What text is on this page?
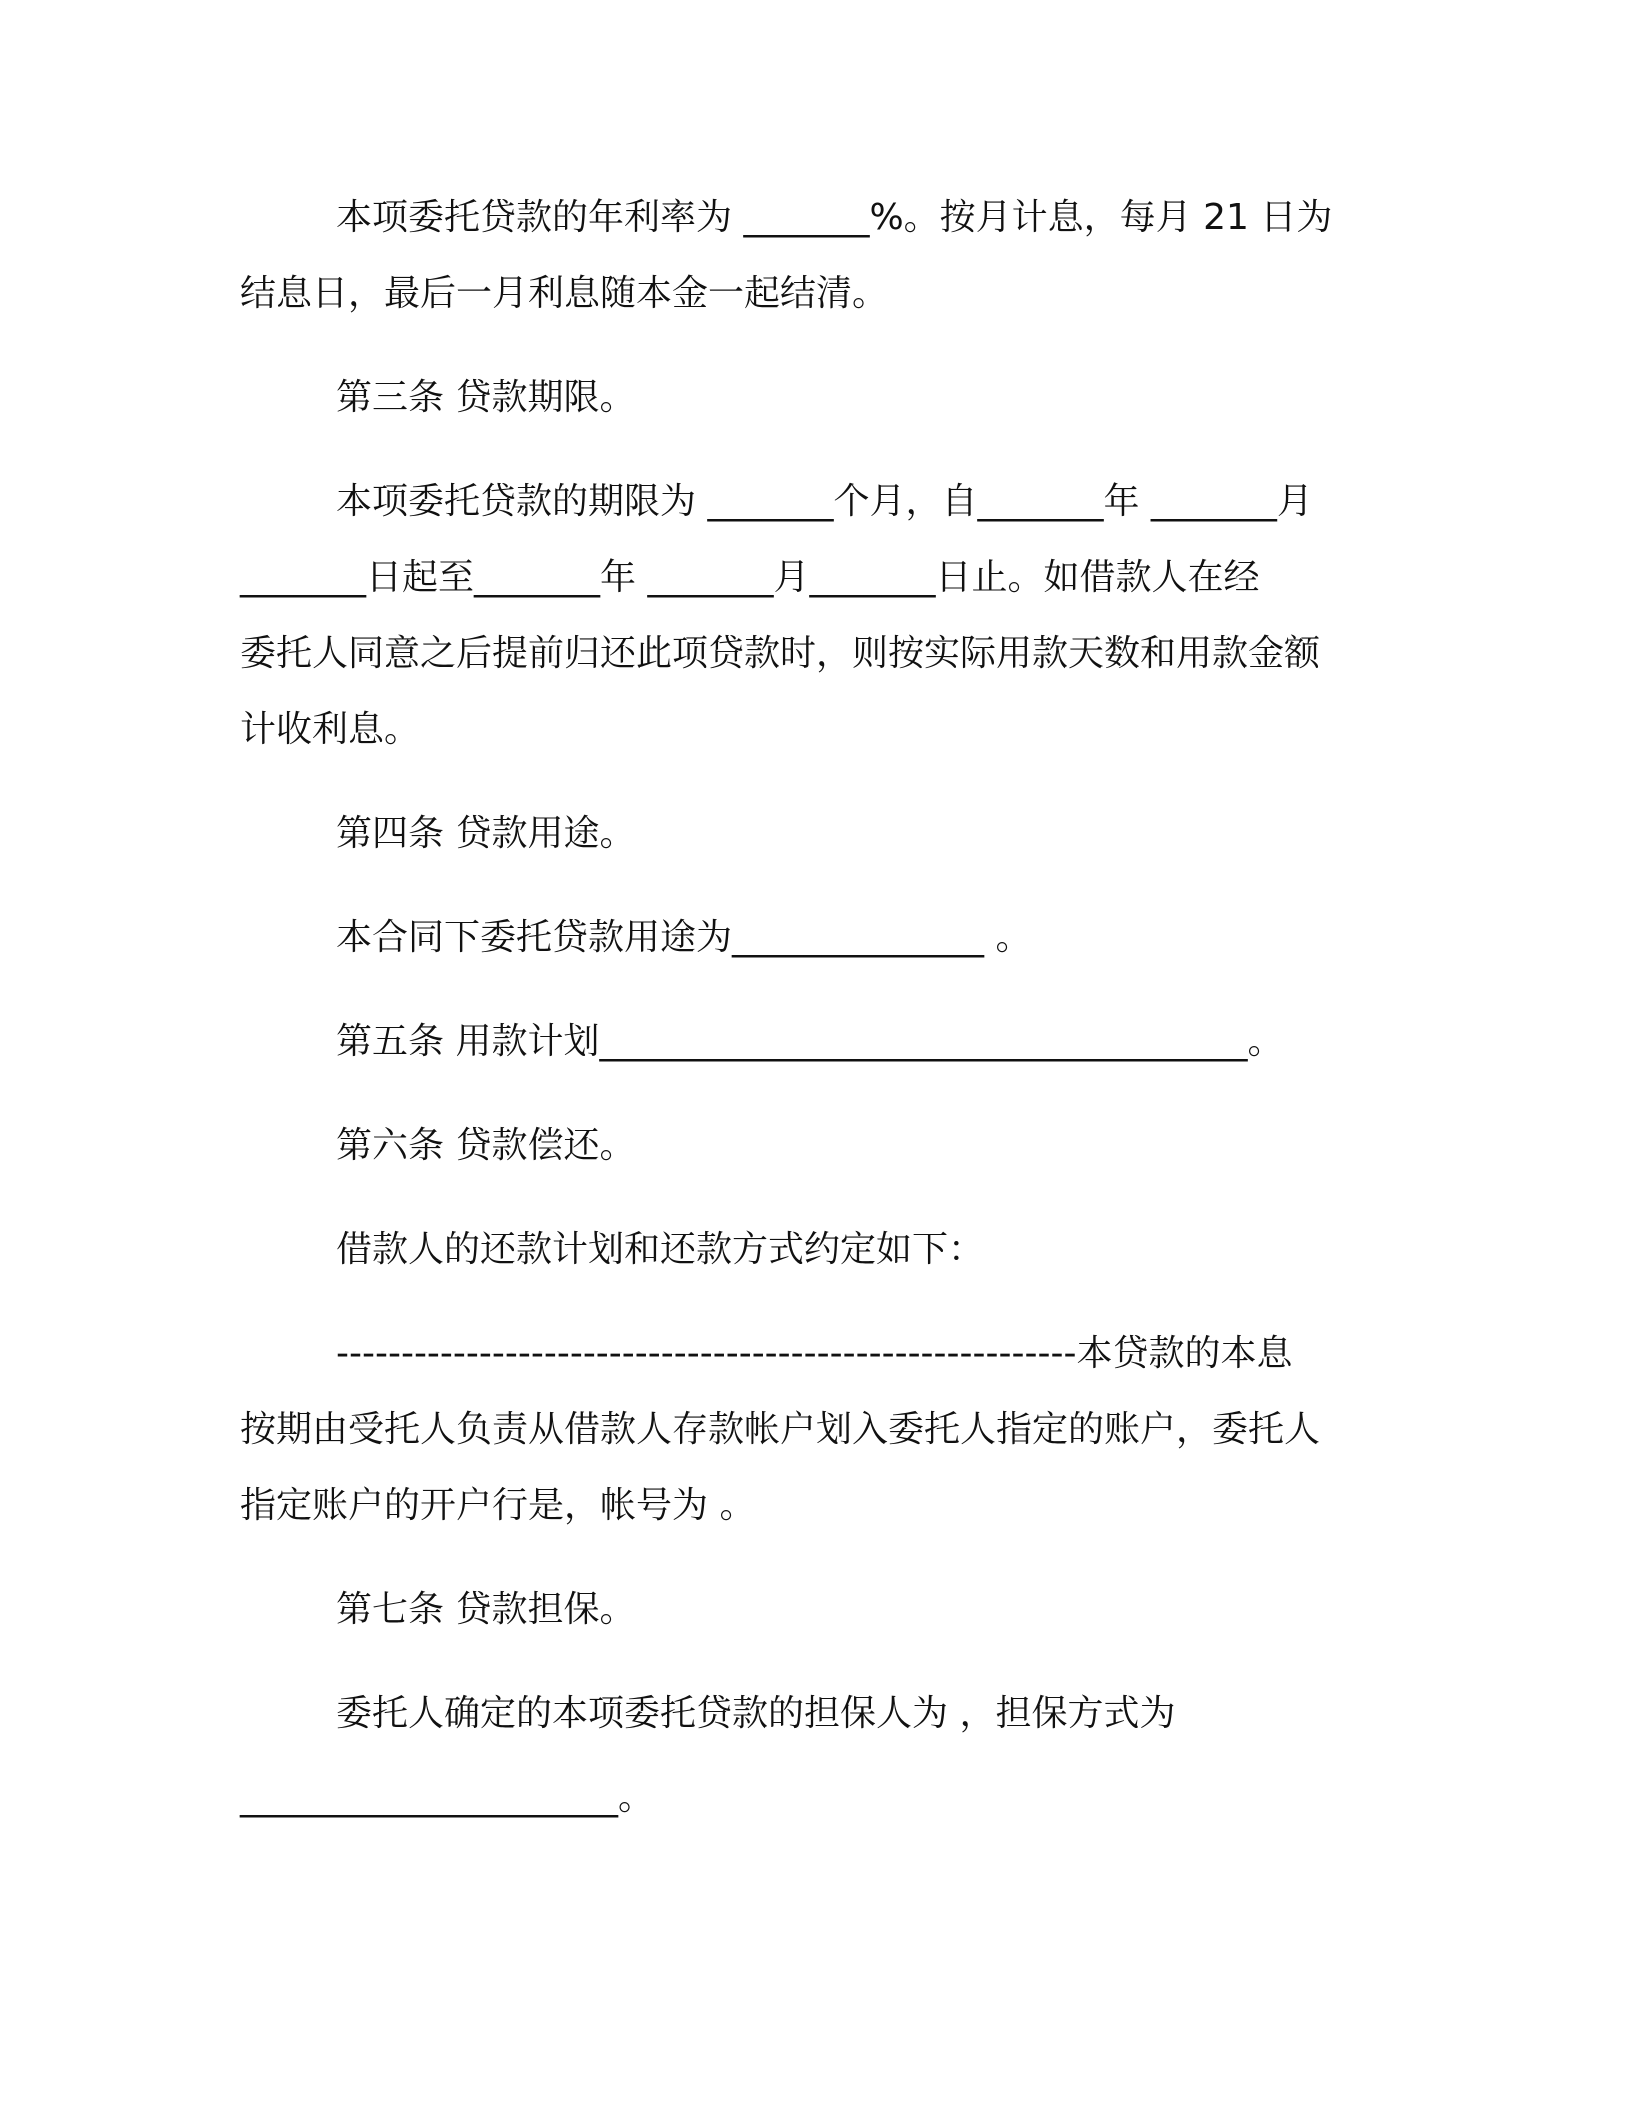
本项委托贷款的年利率为 _______%。按月计息，每月 21 日为
结息日，最后一月利息随本金一起结清。
第三条 贷款期限。
本项委托贷款的期限为 _______个月，自_______年 _______月
_______日起至_______年 _______月_______日止。如借款人在经
委托人同意之后提前归还此项贷款时，则按实际用款天数和用款金额
计收利息。
第四条 贷款用途。
本合同下委托贷款用途为______________ 。
第五条 用款计划____________________________________。
第六条 贷款偿还。
借款人的还款计划和还款方式约定如下：
---------------------------------------------------------本贷款的本息
按期由受托人负责从借款人存款帐户划入委托人指定的账户，委托人
指定账户的开户行是，帐号为 。
第七条 贷款担保。
委托人确定的本项委托贷款的担保人为 ，担保方式为
_____________________。
